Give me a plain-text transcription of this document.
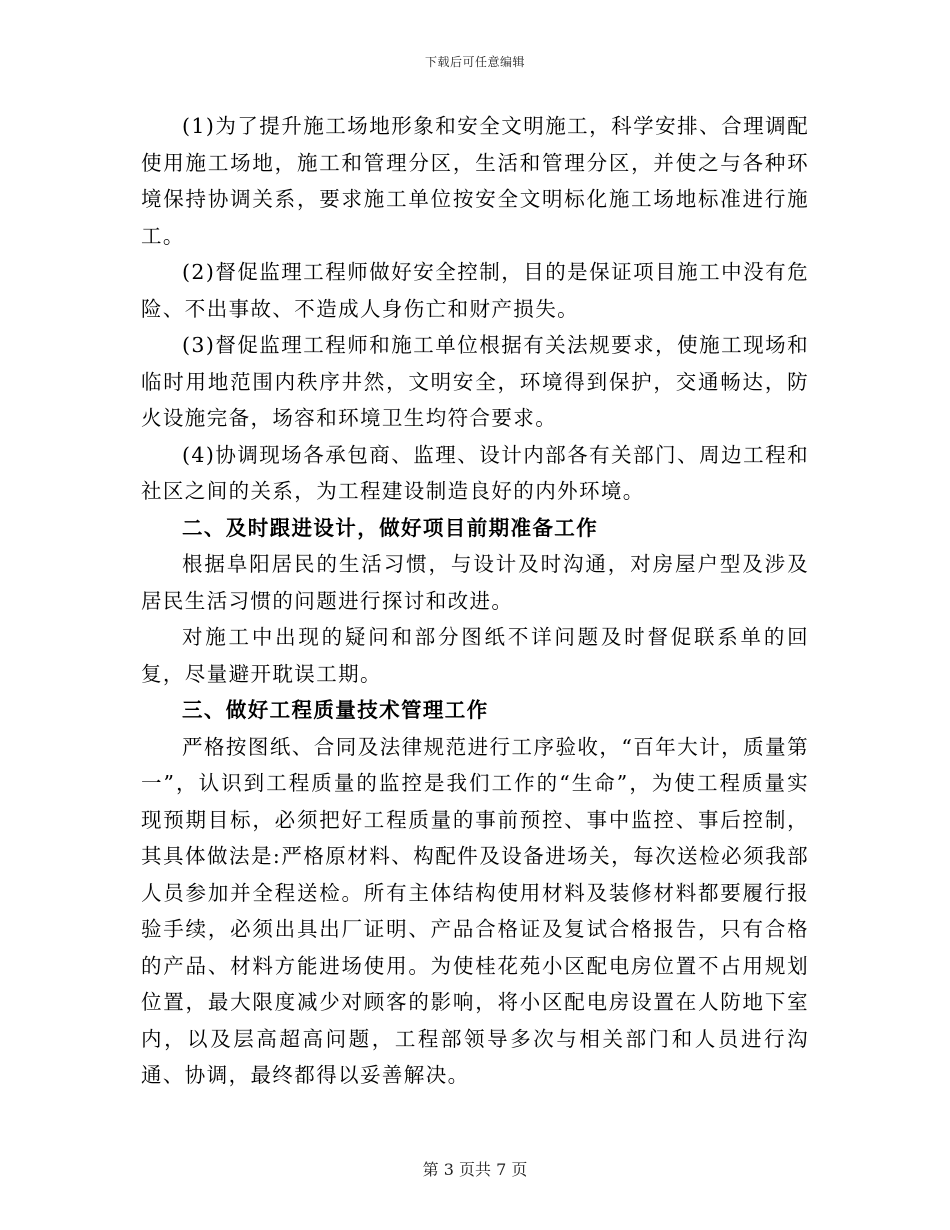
下载后可任意编辑

(1)为了提升施工场地形象和安全文明施工，科学安排、合理调配使用施工场地，施工和管理分区，生活和管理分区，并使之与各种环境保持协调关系，要求施工单位按安全文明标化施工场地标准进行施工。

(2)督促监理工程师做好安全控制，目的是保证项目施工中没有危险、不出事故、不造成人身伤亡和财产损失。

(3)督促监理工程师和施工单位根据有关法规要求，使施工现场和临时用地范围内秩序井然，文明安全，环境得到保护，交通畅达，防火设施完备，场容和环境卫生均符合要求。

(4)协调现场各承包商、监理、设计内部各有关部门、周边工程和社区之间的关系，为工程建设制造良好的内外环境。

二、及时跟进设计，做好项目前期准备工作

根据阜阳居民的生活习惯，与设计及时沟通，对房屋户型及涉及居民生活习惯的问题进行探讨和改进。

对施工中出现的疑问和部分图纸不详问题及时督促联系单的回复，尽量避开耽误工期。

三、做好工程质量技术管理工作

严格按图纸、合同及法律规范进行工序验收，“百年大计，质量第一”，认识到工程质量的监控是我们工作的“生命”，为使工程质量实现预期目标，必须把好工程质量的事前预控、事中监控、事后控制，其具体做法是:严格原材料、构配件及设备进场关，每次送检必须我部人员参加并全程送检。所有主体结构使用材料及装修材料都要履行报验手续，必须出具出厂证明、产品合格证及复试合格报告，只有合格的产品、材料方能进场使用。为使桂花苑小区配电房位置不占用规划位置，最大限度减少对顾客的影响，将小区配电房设置在人防地下室内，以及层高超高问题，工程部领导多次与相关部门和人员进行沟通、协调，最终都得以妥善解决。

第 3 页共 7 页
